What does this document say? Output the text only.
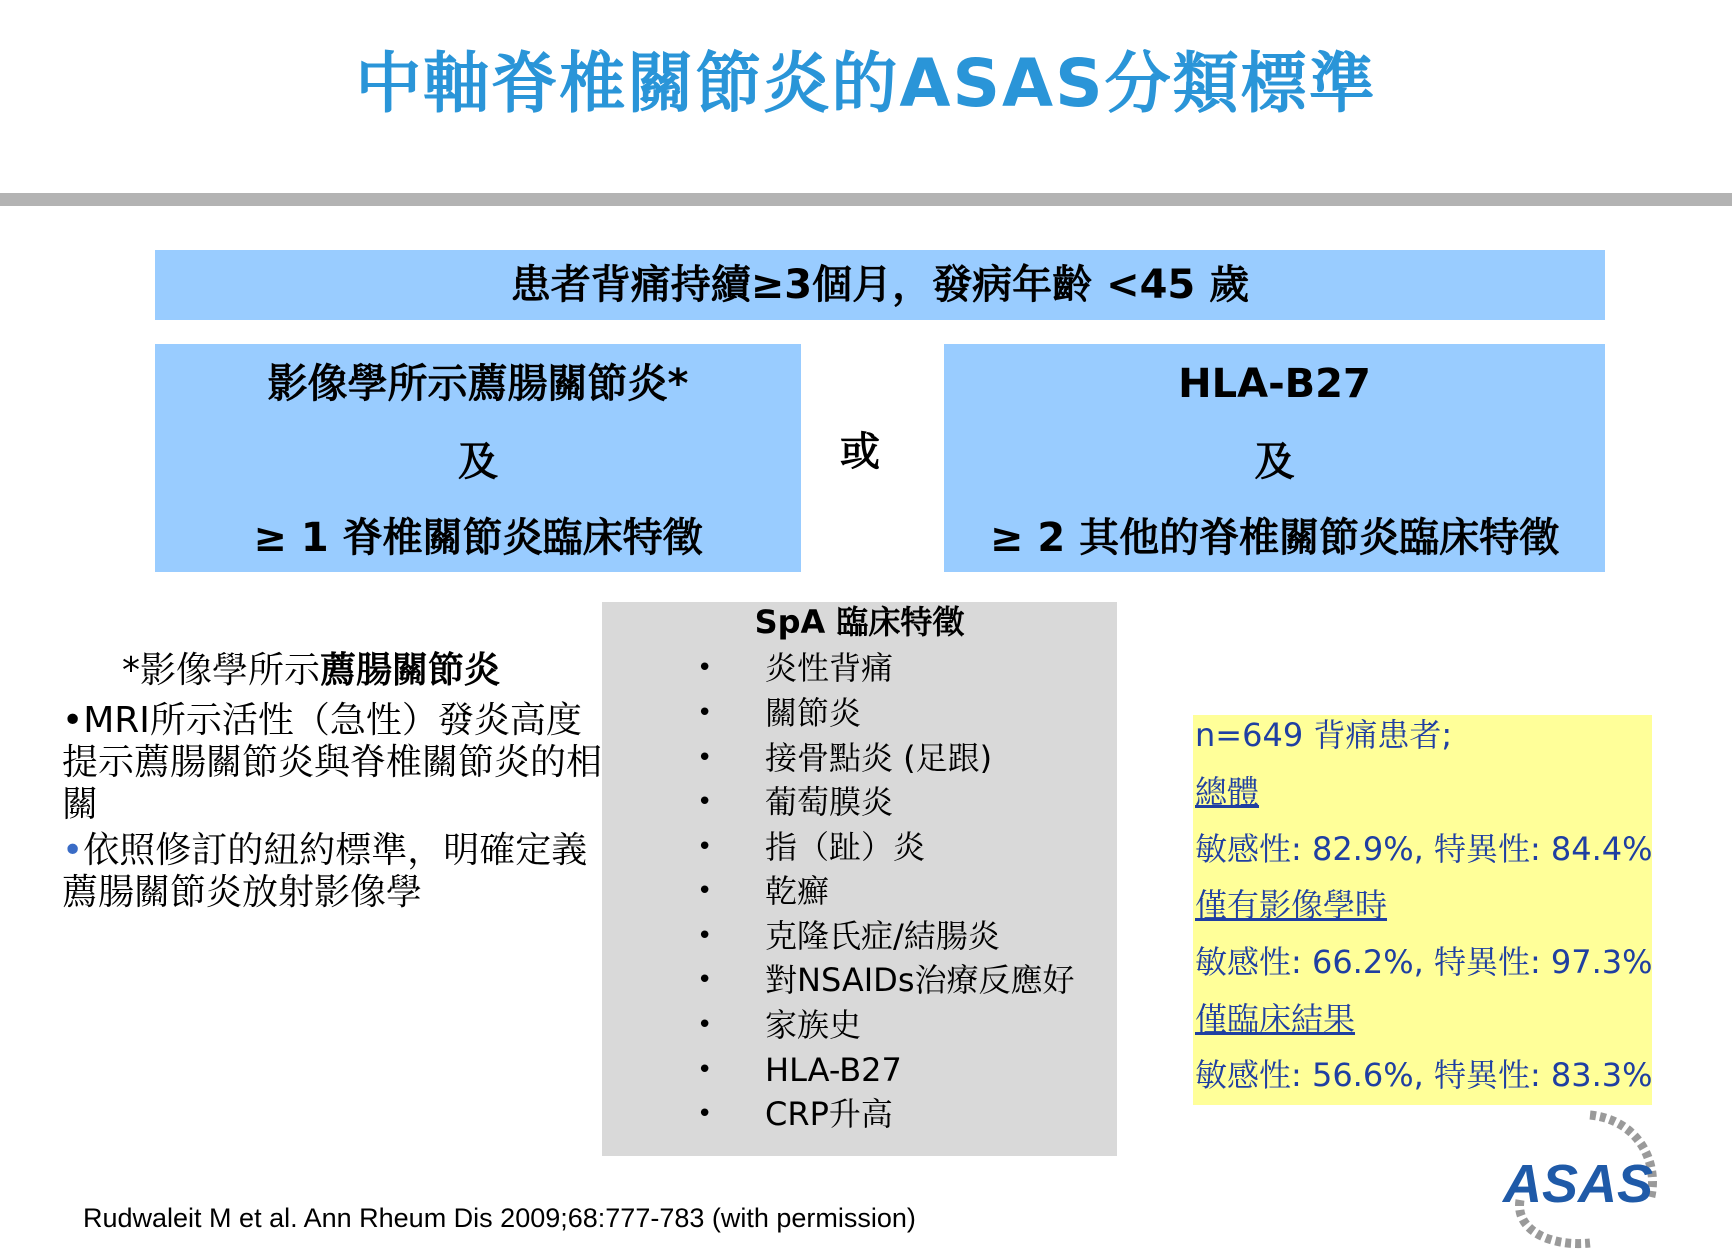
中軸脊椎關節炎的ASAS分類標準
患者背痛持續≥3個月，發病年齡 <45 歲
影像學所示薦腸關節炎*
及
≥ 1 脊椎關節炎臨床特徵
或
HLA-B27
及
≥ 2 其他的脊椎關節炎臨床特徵
*影像學所示薦腸關節炎
•MRI所示活性（急性）發炎高度提示薦腸關節炎與脊椎關節炎的相關
•依照修訂的紐約標準，明確定義薦腸關節炎放射影像學
SpA 臨床特徵
• 炎性背痛
• 關節炎
• 接骨點炎 (足跟)
• 葡萄膜炎
• 指（趾）炎
• 乾癬
• 克隆氏症/結腸炎
• 對NSAIDs治療反應好
• 家族史
• HLA-B27
• CRP升高
n=649 背痛患者;
總體
敏感性: 82.9%, 特異性: 84.4%
僅有影像學時
敏感性: 66.2%, 特異性: 97.3%
僅臨床結果
敏感性: 56.6%, 特異性: 83.3%
Rudwaleit M et al. Ann Rheum Dis 2009;68:777-783 (with permission)
ASAS
